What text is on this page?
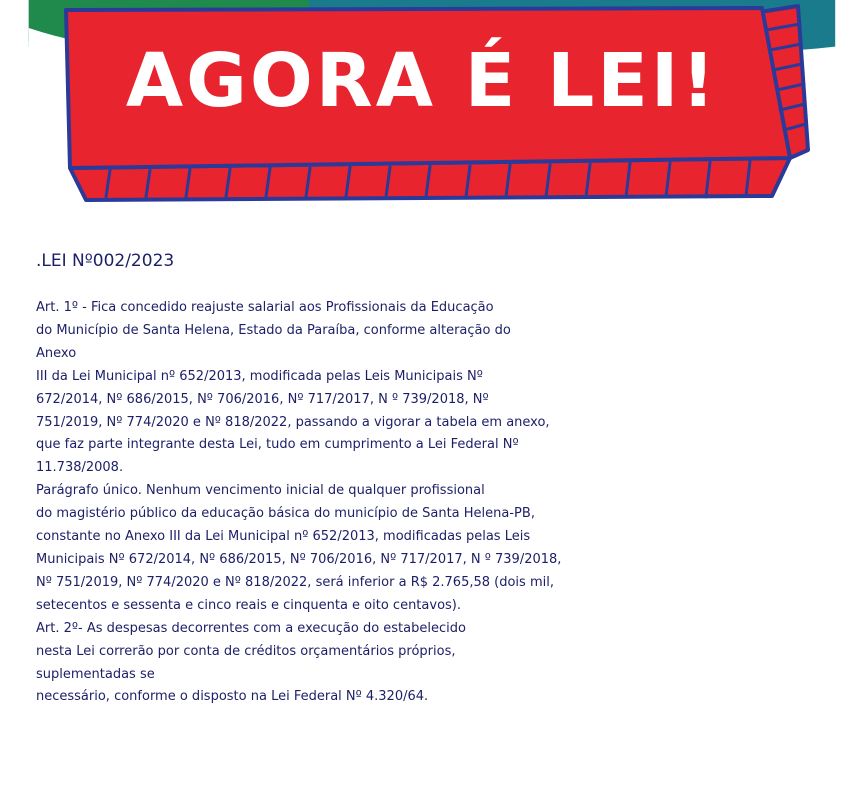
AGORA É LEI!
.LEI Nº002/2023
Art. 1º - Fica concedido reajuste salarial aos Profissionais da Educação
do Município de Santa Helena, Estado da Paraíba, conforme alteração do
Anexo
III da Lei Municipal nº 652/2013, modificada pelas Leis Municipais Nº
672/2014, Nº 686/2015, Nº 706/2016, Nº 717/2017, N º 739/2018, Nº
751/2019, Nº 774/2020 e Nº 818/2022, passando a vigorar a tabela em anexo,
que faz parte integrante desta Lei, tudo em cumprimento a Lei Federal Nº
11.738/2008.
Parágrafo único. Nenhum vencimento inicial de qualquer profissional
do magistério público da educação básica do município de Santa Helena-PB,
constante no Anexo III da Lei Municipal nº 652/2013, modificadas pelas Leis
Municipais Nº 672/2014, Nº 686/2015, Nº 706/2016, Nº 717/2017, N º 739/2018,
Nº 751/2019, Nº 774/2020 e Nº 818/2022, será inferior a R$ 2.765,58 (dois mil,
setecentos e sessenta e cinco reais e cinquenta e oito centavos).
Art. 2º- As despesas decorrentes com a execução do estabelecido
nesta Lei correrão por conta de créditos orçamentários próprios,
suplementadas se
necessário, conforme o disposto na Lei Federal Nº 4.320/64.
